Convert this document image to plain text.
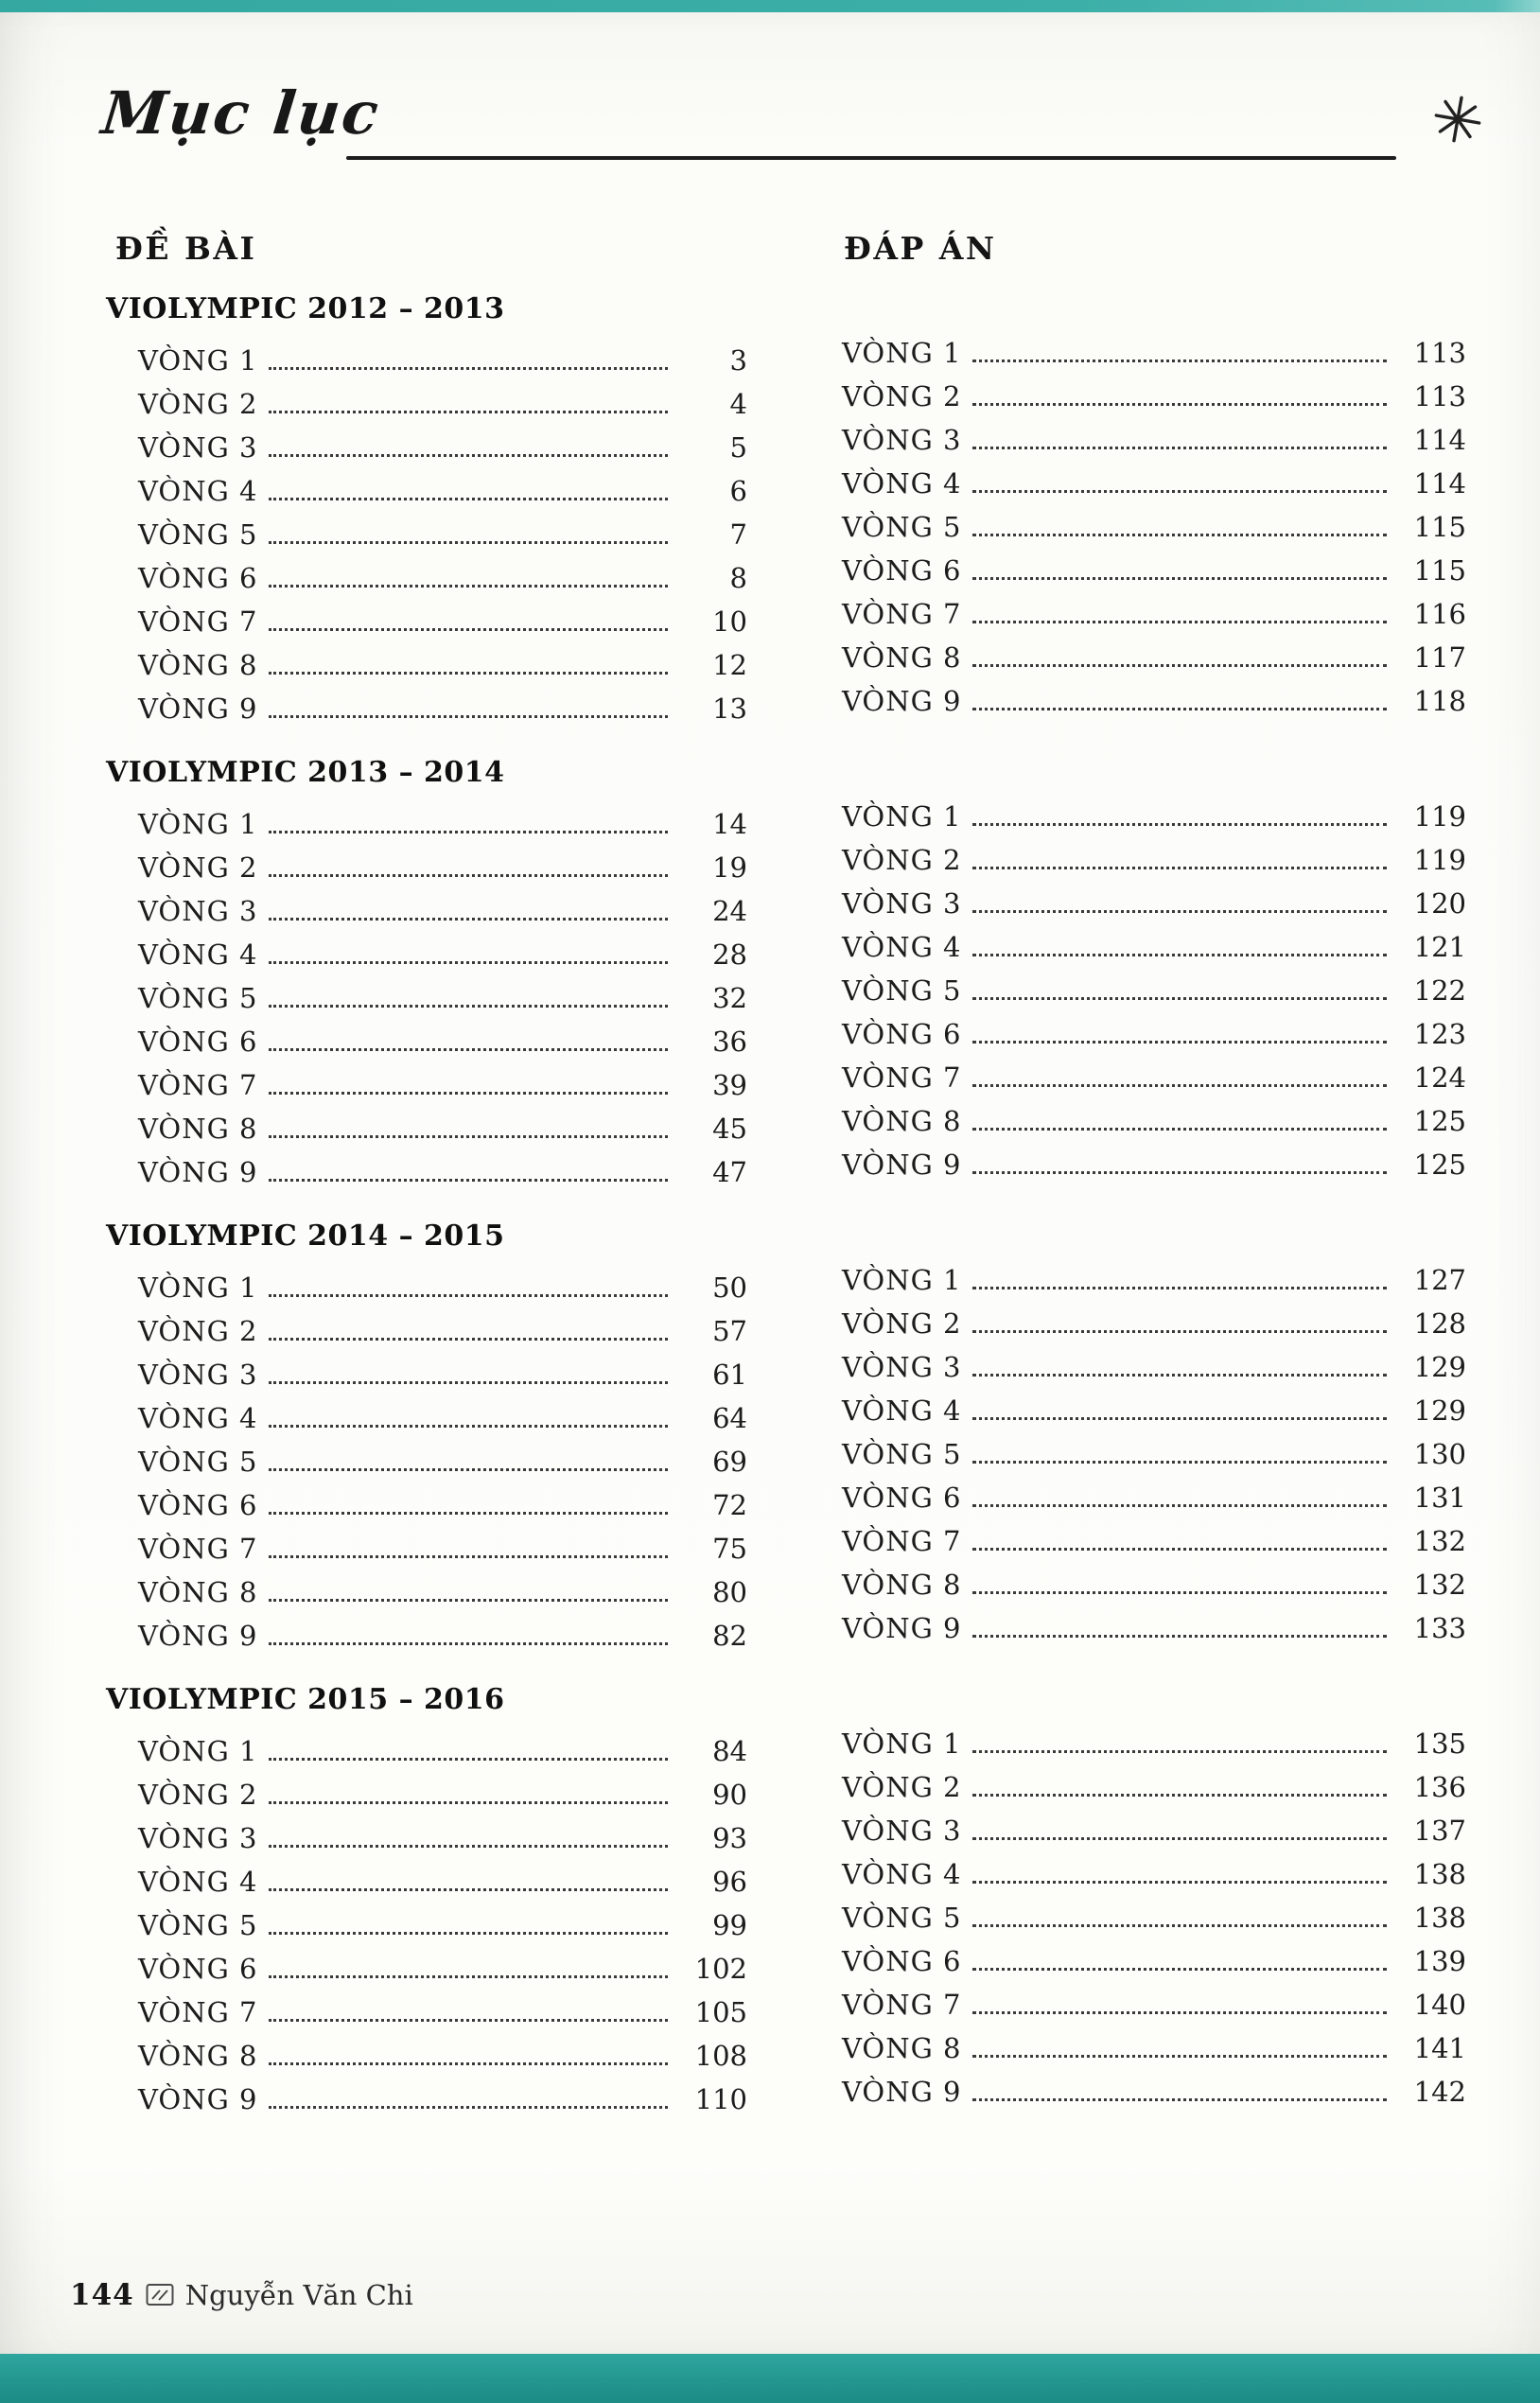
Mục lục
ĐỀ BÀI	ĐÁP ÁN
VIOLYMPIC 2012 – 2013
VÒNG 1	3
VÒNG 2	4
VÒNG 3	5
VÒNG 4	6
VÒNG 5	7
VÒNG 6	8
VÒNG 7	10
VÒNG 8	12
VÒNG 9	13
VIOLYMPIC 2013 – 2014
VÒNG 1	14
VÒNG 2	19
VÒNG 3	24
VÒNG 4	28
VÒNG 5	32
VÒNG 6	36
VÒNG 7	39
VÒNG 8	45
VÒNG 9	47
VIOLYMPIC 2014 – 2015
VÒNG 1	50
VÒNG 2	57
VÒNG 3	61
VÒNG 4	64
VÒNG 5	69
VÒNG 6	72
VÒNG 7	75
VÒNG 8	80
VÒNG 9	82
VIOLYMPIC 2015 – 2016
VÒNG 1	84
VÒNG 2	90
VÒNG 3	93
VÒNG 4	96
VÒNG 5	99
VÒNG 6	102
VÒNG 7	105
VÒNG 8	108
VÒNG 9	110
VÒNG 1	113
VÒNG 2	113
VÒNG 3	114
VÒNG 4	114
VÒNG 5	115
VÒNG 6	115
VÒNG 7	116
VÒNG 8	117
VÒNG 9	118
VÒNG 1	119
VÒNG 2	119
VÒNG 3	120
VÒNG 4	121
VÒNG 5	122
VÒNG 6	123
VÒNG 7	124
VÒNG 8	125
VÒNG 9	125
VÒNG 1	127
VÒNG 2	128
VÒNG 3	129
VÒNG 4	129
VÒNG 5	130
VÒNG 6	131
VÒNG 7	132
VÒNG 8	132
VÒNG 9	133
VÒNG 1	135
VÒNG 2	136
VÒNG 3	137
VÒNG 4	138
VÒNG 5	138
VÒNG 6	139
VÒNG 7	140
VÒNG 8	141
VÒNG 9	142
144 Nguyễn Văn Chi
